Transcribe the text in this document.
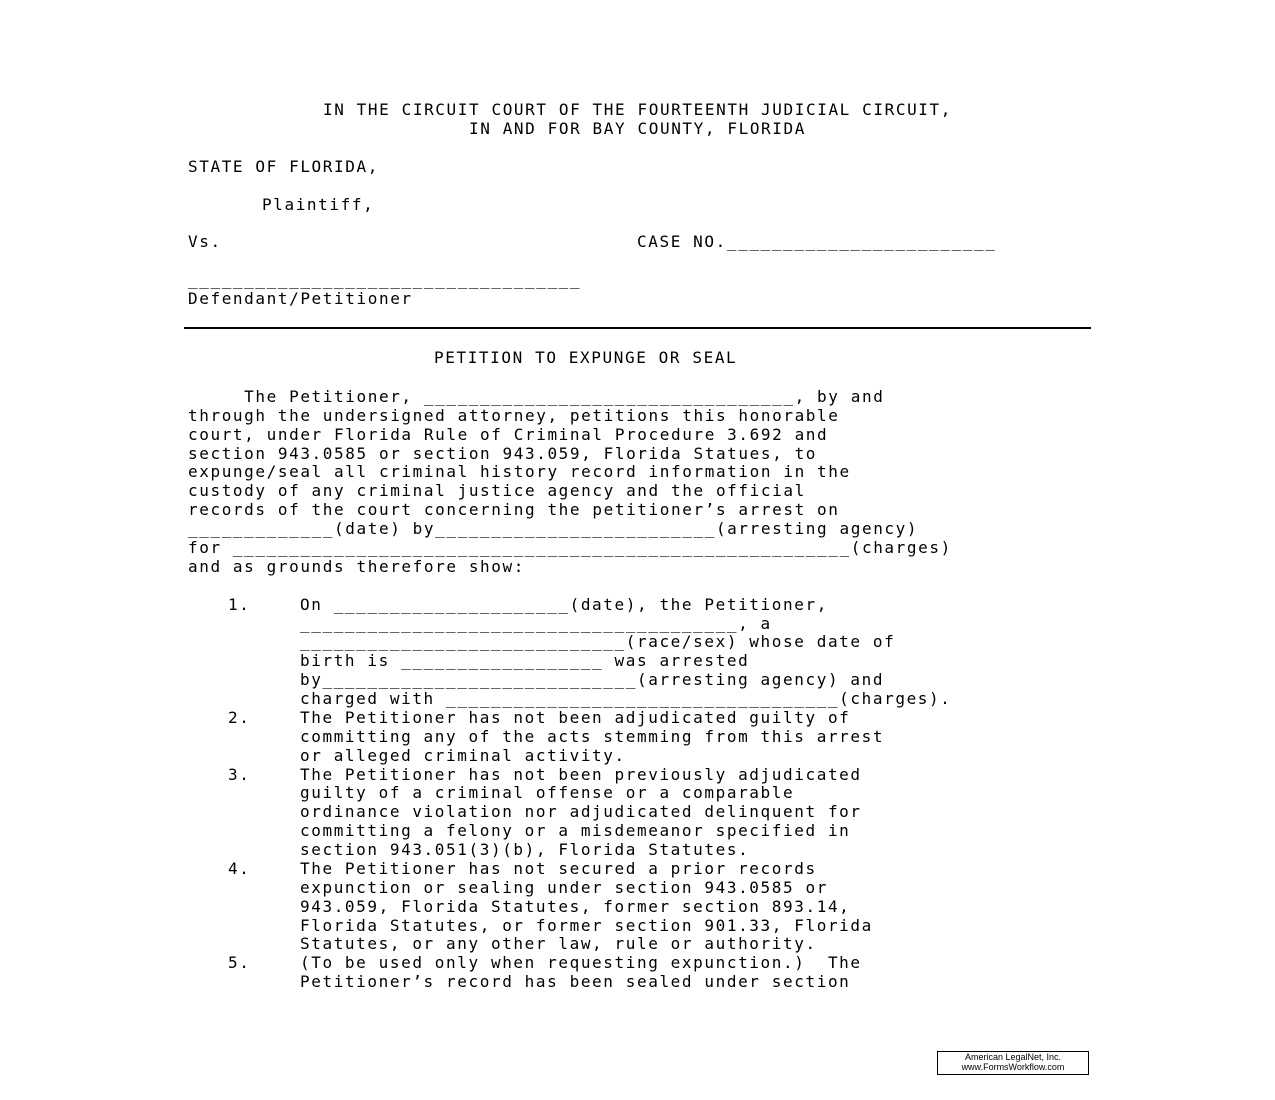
IN THE CIRCUIT COURT OF THE FOURTEENTH JUDICIAL CIRCUIT,
IN AND FOR BAY COUNTY, FLORIDA
STATE OF FLORIDA,
Plaintiff,
Vs.	CASE NO.________________________
___________________________________
Defendant/Petitioner
PETITION TO EXPUNGE OR SEAL
The Petitioner, _________________________________, by and
through the undersigned attorney, petitions this honorable
court, under Florida Rule of Criminal Procedure 3.692 and
section 943.0585 or section 943.059, Florida Statues, to
expunge/seal all criminal history record information in the
custody of any criminal justice agency and the official
records of the court concerning the petitioner’s arrest on
_____________(date) by_________________________(arresting agency)
for _______________________________________________________(charges)
and as grounds therefore show:
1.	On _____________________(date), the Petitioner,
_______________________________________, a
_____________________________(race/sex) whose date of
birth is __________________ was arrested
by____________________________(arresting agency) and
charged with ___________________________________(charges).
2.	The Petitioner has not been adjudicated guilty of
committing any of the acts stemming from this arrest
or alleged criminal activity.
3.	The Petitioner has not been previously adjudicated
guilty of a criminal offense or a comparable
ordinance violation nor adjudicated delinquent for
committing a felony or a misdemeanor specified in
section 943.051(3)(b), Florida Statutes.
4.	The Petitioner has not secured a prior records
expunction or sealing under section 943.0585 or
943.059, Florida Statutes, former section 893.14,
Florida Statutes, or former section 901.33, Florida
Statutes, or any other law, rule or authority.
5.	(To be used only when requesting expunction.)  The
Petitioner’s record has been sealed under section
American LegalNet, Inc.
www.FormsWorkflow.com
